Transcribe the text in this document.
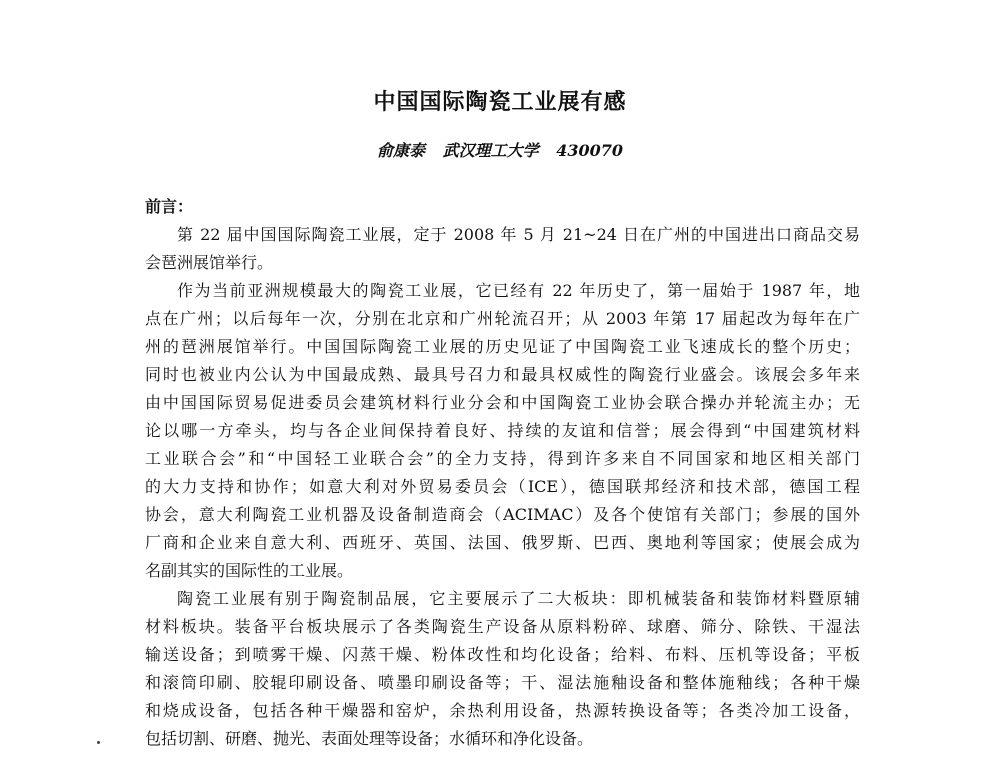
中国国际陶瓷工业展有感
俞康泰 武汉理工大学 430070
前言：
第 22 届中国国际陶瓷工业展，定于 2008 年 5 月 21~24 日在广州的中国进出口商品交易
会琶洲展馆举行。
作为当前亚洲规模最大的陶瓷工业展，它已经有 22 年历史了，第一届始于 1987 年，地
点在广州；以后每年一次，分别在北京和广州轮流召开；从 2003 年第 17 届起改为每年在广
州的琶洲展馆举行。中国国际陶瓷工业展的历史见证了中国陶瓷工业飞速成长的整个历史；
同时也被业内公认为中国最成熟、最具号召力和最具权威性的陶瓷行业盛会。该展会多年来
由中国国际贸易促进委员会建筑材料行业分会和中国陶瓷工业协会联合操办并轮流主办；无
论以哪一方牵头，均与各企业间保持着良好、持续的友谊和信誉；展会得到“中国建筑材料
工业联合会”和“中国轻工业联合会”的全力支持，得到许多来自不同国家和地区相关部门
的大力支持和协作；如意大利对外贸易委员会（ICE），德国联邦经济和技术部，德国工程
协会，意大利陶瓷工业机器及设备制造商会（ACIMAC）及各个使馆有关部门；参展的国外
厂商和企业来自意大利、西班牙、英国、法国、俄罗斯、巴西、奥地利等国家；使展会成为
名副其实的国际性的工业展。
陶瓷工业展有别于陶瓷制品展，它主要展示了二大板块：即机械装备和装饰材料暨原辅
材料板块。装备平台板块展示了各类陶瓷生产设备从原料粉碎、球磨、筛分、除铁、干湿法
输送设备；到喷雾干燥、闪蒸干燥、粉体改性和均化设备；给料、布料、压机等设备；平板
和滚筒印刷、胶辊印刷设备、喷墨印刷设备等；干、湿法施釉设备和整体施釉线；各种干燥
和烧成设备，包括各种干燥器和窑炉，余热利用设备，热源转换设备等；各类冷加工设备，
包括切割、研磨、抛光、表面处理等设备；水循环和净化设备。
